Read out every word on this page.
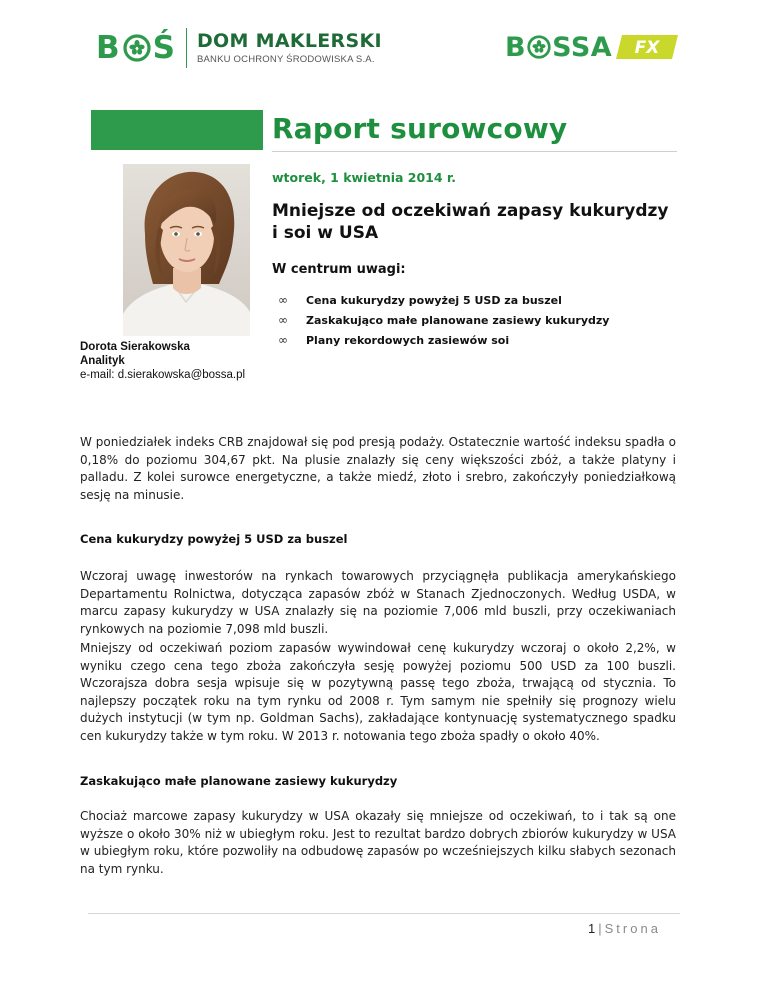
B Ś DOM MAKLERSKI
BANKU OCHRONY ŚRODOWISKA S.A.	B SSA FX
Raport surowcowy
wtorek, 1 kwietnia 2014 r.
Dorota Sierakowska
Analityk
e-mail: d.sierakowska@bossa.pl
Mniejsze od oczekiwań zapasy kukurydzy
i soi w USA
W centrum uwagi:
∞	Cena kukurydzy powyżej 5 USD za buszel
∞	Zaskakująco małe planowane zasiewy kukurydzy
∞	Plany rekordowych zasiewów soi

W poniedziałek indeks CRB znajdował się pod presją podaży. Ostatecznie wartość indeksu spadła o 0,18% do poziomu 304,67 pkt. Na plusie znalazły się ceny większości zbóż, a także platyny i palladu. Z kolei surowce energetyczne, a także miedź, złoto i srebro, zakończyły poniedziałkową sesję na minusie.

Cena kukurydzy powyżej 5 USD za buszel

Wczoraj uwagę inwestorów na rynkach towarowych przyciągnęła publikacja amerykańskiego Departamentu Rolnictwa, dotycząca zapasów zbóż w Stanach Zjednoczonych. Według USDA, w marcu zapasy kukurydzy w USA znalazły się na poziomie 7,006 mld buszli, przy oczekiwaniach rynkowych na poziomie 7,098 mld buszli.

Mniejszy od oczekiwań poziom zapasów wywindował cenę kukurydzy wczoraj o około 2,2%, w wyniku czego cena tego zboża zakończyła sesję powyżej poziomu 500 USD za 100 buszli. Wczorajsza dobra sesja wpisuje się w pozytywną passę tego zboża, trwającą od stycznia. To najlepszy początek roku na tym rynku od 2008 r. Tym samym nie spełniły się prognozy wielu dużych instytucji (w tym np. Goldman Sachs), zakładające kontynuację systematycznego spadku cen kukurydzy także w tym roku. W 2013 r. notowania tego zboża spadły o około 40%.

Zaskakująco małe planowane zasiewy kukurydzy

Chociaż marcowe zapasy kukurydzy w USA okazały się mniejsze od oczekiwań, to i tak są one wyższe o około 30% niż w ubiegłym roku. Jest to rezultat bardzo dobrych zbiorów kukurydzy w USA w ubiegłym roku, które pozwoliły na odbudowę zapasów po wcześniejszych kilku słabych sezonach na tym rynku.

1 | Strona
